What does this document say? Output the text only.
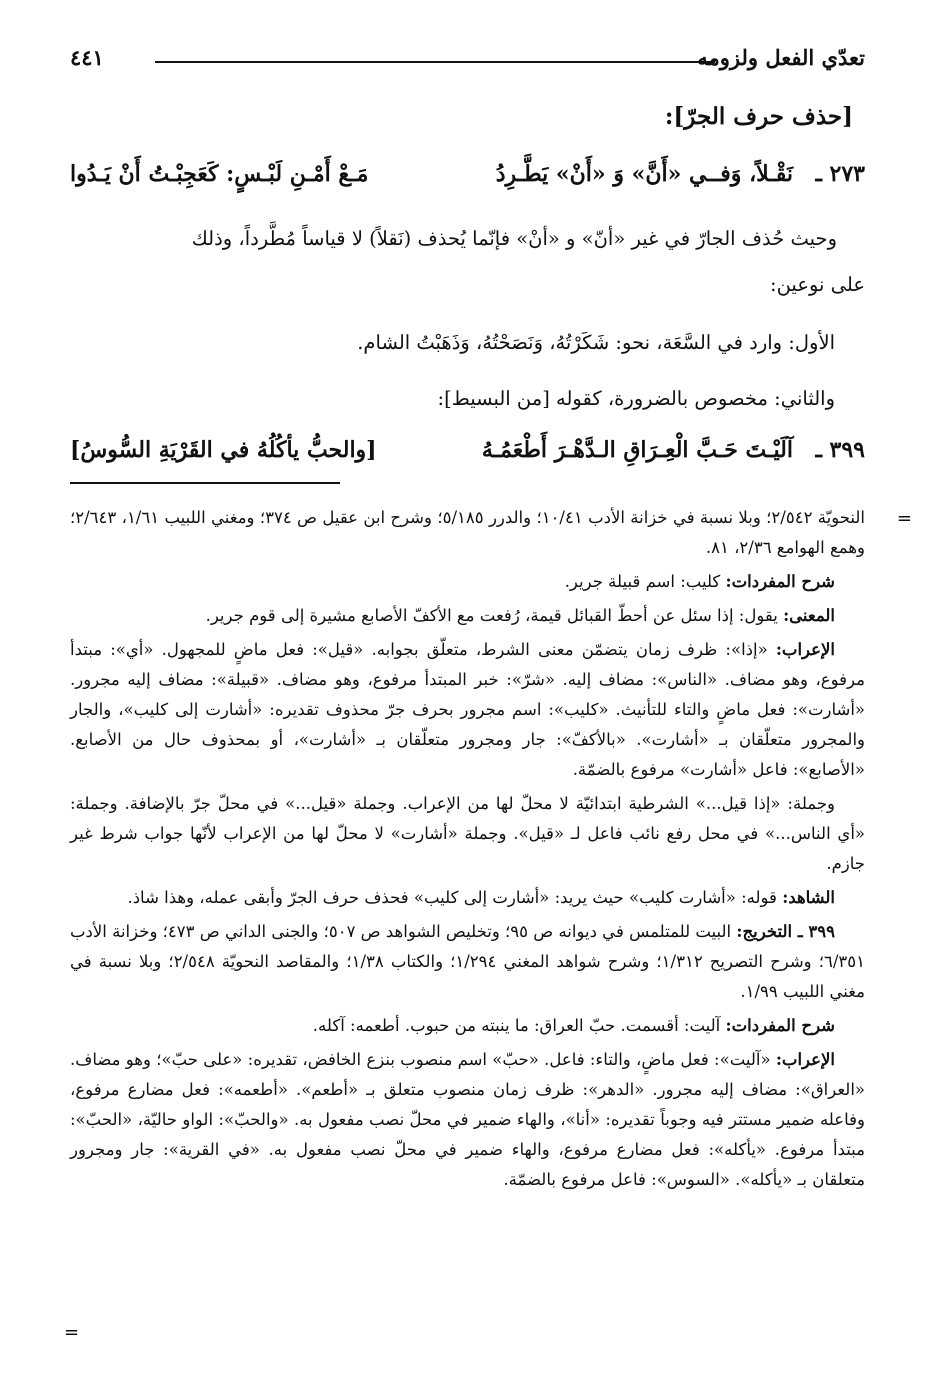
=
تعدّي الفعل ولزومه
٤٤١
[حذف حرف الجرّ]:
٢٧٣ ـ
نَقْـلاً، وَفــي «أَنَّ» وَ «أَنْ» يَطَّـرِدُ
مَـعْ أَمْـنِ لَبْـسٍ: كَعَجِبْـتُ أَنْ يَـدُوا
وحيث حُذف الجارّ في غير «أنّ» و «أنْ» فإنّما يُحذف (نَقلاً) لا قياساً مُطَّرداً، وذلك
على نوعين:
الأول: وارد في السَّعَة، نحو: شَكَرْتُهُ، وَنَصَحْتُهُ، وَذَهَبْتُ الشام.
والثاني: مخصوص بالضرورة، كقوله [من البسيط]:
٣٩٩ ـ
آلَيْـتَ حَـبَّ الْعِـرَاقِ الـدَّهْـرَ أَطْعَمُـهُ
[والحبُّ يأكُلُهُ في القَرْيَةِ السُّوسُ]

النحويّة ٢/٥٤٢؛ وبلا نسبة في خزانة الأدب ١٠/٤١؛ والدرر ٥/١٨٥؛ وشرح ابن عقيل ص ٣٧٤؛ ومغني اللبيب ١/٦١، ٢/٦٤٣؛ وهمع الهوامع ٢/٣٦، ٨١.

شرح المفردات: كليب: اسم قبيلة جرير.

المعنى: يقول: إذا سئل عن أحطّ القبائل قيمة، رُفعت مع الأكفّ الأصابع مشيرة إلى قوم جرير.

الإعراب: «إذا»: ظرف زمان يتضمّن معنى الشرط، متعلّق بجوابه. «قيل»: فعل ماضٍ للمجهول. «أي»: مبتدأ مرفوع، وهو مضاف. «الناس»: مضاف إليه. «شرّ»: خبر المبتدأ مرفوع، وهو مضاف. «قبيلة»: مضاف إليه مجرور. «أشارت»: فعل ماضٍ والتاء للتأنيث. «كليب»: اسم مجرور بحرف جرّ محذوف تقديره: «أشارت إلى كليب»، والجار والمجرور متعلّقان بـ «أشارت». «بالأكفّ»: جار ومجرور متعلّقان بـ «أشارت»، أو بمحذوف حال من الأصابع. «الأصابع»: فاعل «أشارت» مرفوع بالضمّة.

وجملة: «إذا قيل...» الشرطية ابتدائيّة لا محلّ لها من الإعراب. وجملة «قيل...» في محلّ جرّ بالإضافة. وجملة: «أي الناس...» في محل رفع نائب فاعل لـ «قيل». وجملة «أشارت» لا محلّ لها من الإعراب لأنّها جواب شرط غير جازم.

الشاهد: قوله: «أشارت كليب» حيث يريد: «أشارت إلى كليب» فحذف حرف الجرّ وأبقى عمله، وهذا شاذ.

٣٩٩ ـ التخريج: البيت للمتلمس في ديوانه ص ٩٥؛ وتخليص الشواهد ص ٥٠٧؛ والجنى الداني ص ٤٧٣؛ وخزانة الأدب ٦/٣٥١؛ وشرح التصريح ١/٣١٢؛ وشرح شواهد المغني ١/٢٩٤؛ والكتاب ١/٣٨؛ والمقاصد النحويّة ٢/٥٤٨؛ وبلا نسبة في مغني اللبيب ١/٩٩.

شرح المفردات: آليت: أقسمت. حبّ العراق: ما ينبته من حبوب. أطعمه: آكله.

الإعراب: «آليت»: فعل ماضٍ، والتاء: فاعل. «حبّ» اسم منصوب بنزع الخافض، تقديره: «على حبّ»؛ وهو مضاف. «العراق»: مضاف إليه مجرور. «الدهر»: ظرف زمان منصوب متعلق بـ «أطعم». «أطعمه»: فعل مضارع مرفوع، وفاعله ضمير مستتر فيه وجوباً تقديره: «أنا»، والهاء ضمير في محلّ نصب مفعول به. «والحبّ»: الواو حاليّة، «الحبّ»: مبتدأ مرفوع. «يأكله»: فعل مضارع مرفوع، والهاء ضمير في محلّ نصب مفعول به. «في القرية»: جار ومجرور متعلقان بـ «يأكله». «السوس»: فاعل مرفوع بالضمّة.

=
